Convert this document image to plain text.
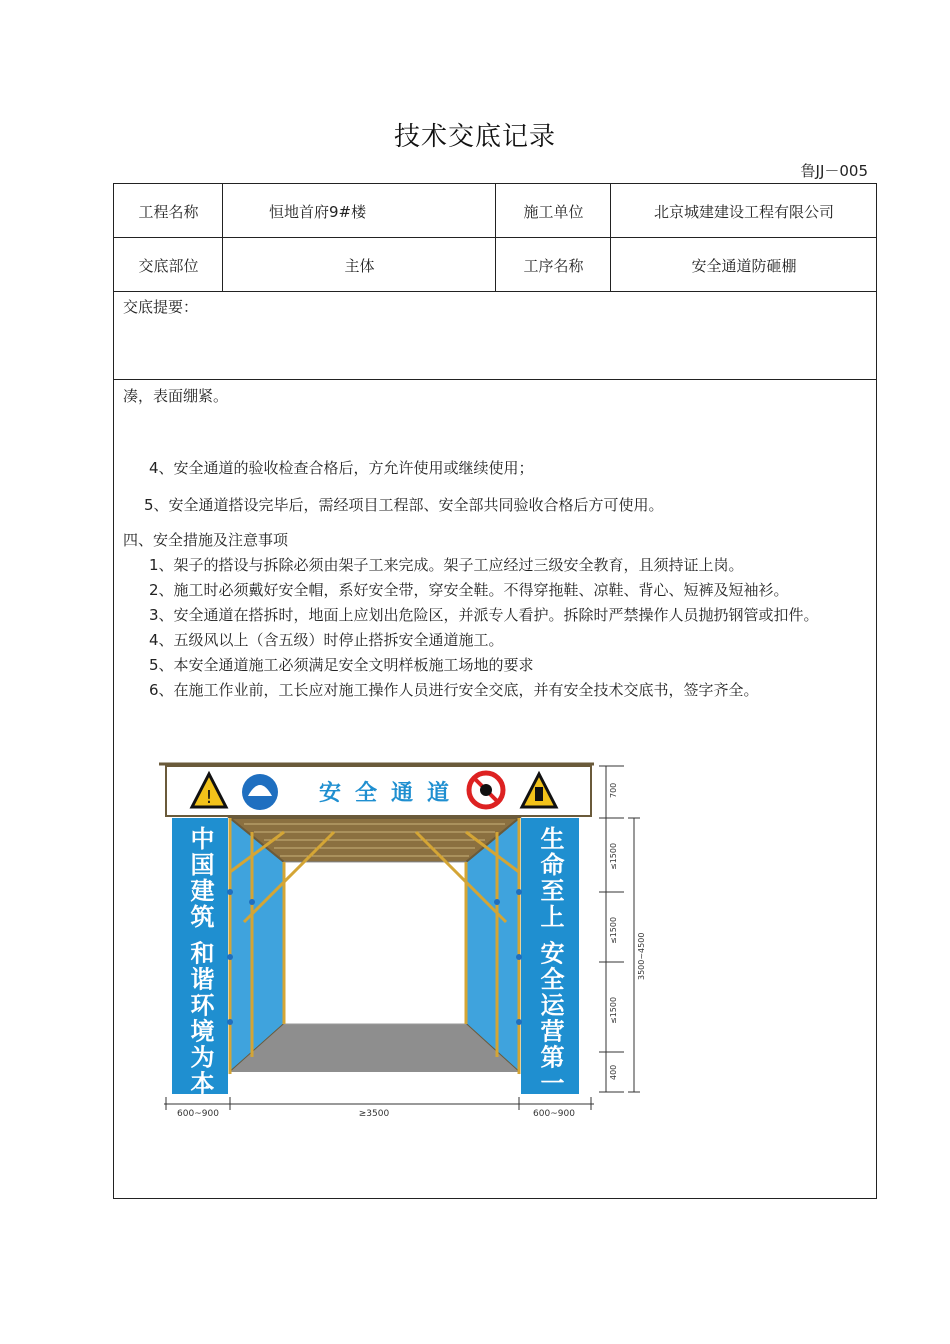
技术交底记录
鲁JJ－005
工程名称	恒地首府9#楼	施工单位	北京城建建设工程有限公司
交底部位	主体	工序名称	安全通道防砸棚
交底提要：

凑，表面绷紧。

4、安全通道的验收检查合格后，方允许使用或继续使用；

5、安全通道搭设完毕后，需经项目工程部、安全部共同验收合格后方可使用。

四、安全措施及注意事项

1、架子的搭设与拆除必须由架子工来完成。架子工应经过三级安全教育，且须持证上岗。

2、施工时必须戴好安全帽，系好安全带，穿安全鞋。不得穿拖鞋、凉鞋、背心、短裤及短袖衫。

3、安全通道在搭拆时，地面上应划出危险区，并派专人看护。拆除时严禁操作人员抛扔钢管或扣件。

4、五级风以上（含五级）时停止搭拆安全通道施工。

5、本安全通道施工必须满足安全文明样板施工场地的要求

6、在施工作业前，工长应对施工操作人员进行安全交底，并有安全技术交底书，签字齐全。

!	安全通道
中国建筑 和谐环境为本	生命至上 安全运营第一
700
≤1500
≤1500
≤1500
400
3500~4500
600~900	≥3500	600~900
